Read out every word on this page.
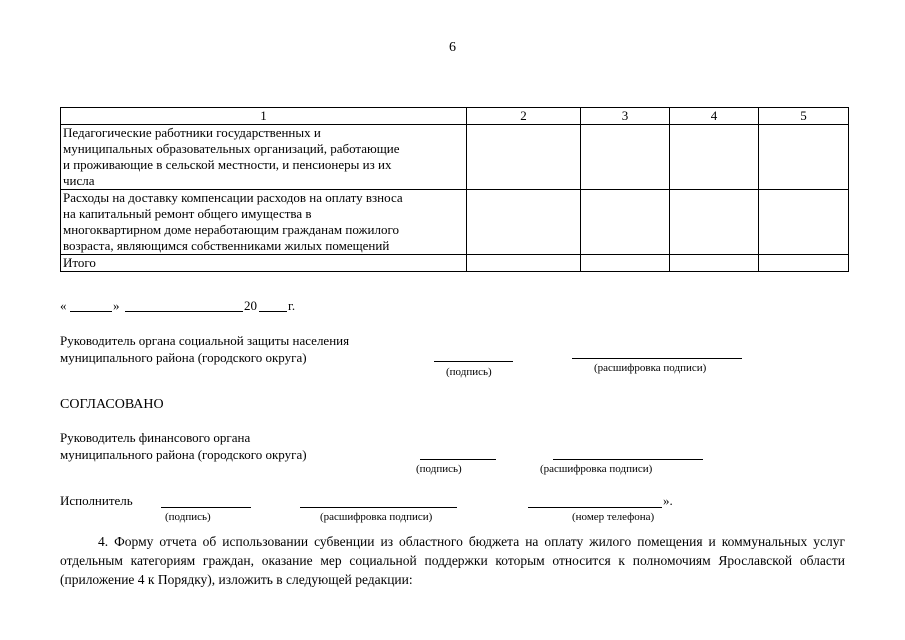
6
1	2	3	4	5

Педагогические работники государственных и
муниципальных образовательных организаций, работающие
и проживающие в сельской местности, и пенсионеры из их
числа				

Расходы на доставку компенсации расходов на оплату взноса
на капитальный ремонт общего имущества в
многоквартирном доме неработающим гражданам пожилого
возраста, являющимся собственниками жилых помещений				

Итого				
«	»	20 г.
Руководитель органа социальной защиты населения
муниципального района (городского округа)
(подпись)	(расшифровка подписи)
СОГЛАСОВАНО
Руководитель финансового органа
муниципального района (городского округа)
(подпись)	(расшифровка подписи)
Исполнитель	».
(подпись)	(расшифровка подписи)	(номер телефона)
4. Форму отчета об использовании субвенции из областного бюджета на оплату жилого помещения и коммунальных услуг отдельным категориям граждан, оказание мер социальной поддержки которым относится к полномочиям Ярославской области (приложение 4 к Порядку), изложить в следующей редакции:
